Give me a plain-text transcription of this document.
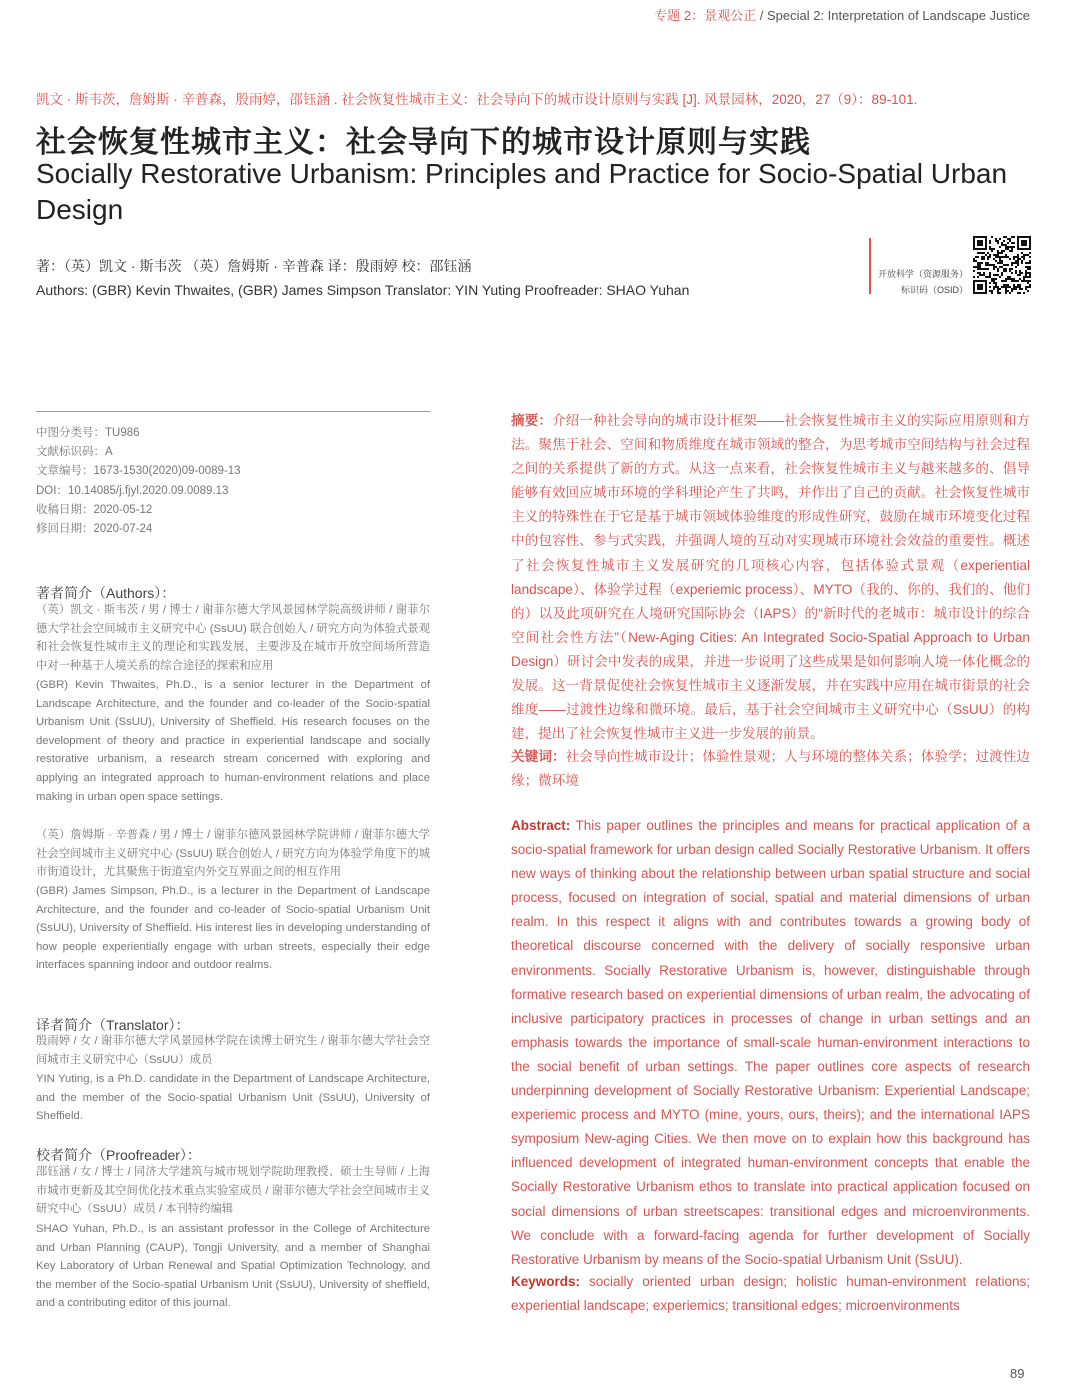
专题 2：景观公正 / Special 2: Interpretation of Landscape Justice
凯文 · 斯韦茨，詹姆斯 · 辛普森，殷雨婷，邵钰涵 . 社会恢复性城市主义：社会导向下的城市设计原则与实践 [J]. 风景园林，2020，27（9）：89-101.
社会恢复性城市主义：社会导向下的城市设计原则与实践
Socially Restorative Urbanism: Principles and Practice for Socio-Spatial Urban Design
著：（英）凯文 · 斯韦茨 （英）詹姆斯 · 辛普森 译：殷雨婷 校：邵钰涵
Authors: (GBR) Kevin Thwaites, (GBR) James Simpson Translator: YIN Yuting Proofreader: SHAO Yuhan
开放科学（资源服务）
标识码（OSID）
中图分类号：TU986
文献标识码：A
文章编号：1673-1530(2020)09-0089-13
DOI：10.14085/j.fjyl.2020.09.0089.13
收稿日期：2020-05-12
修回日期：2020-07-24
著者简介（Authors）：
（英）凯文 · 斯韦茨 / 男 / 博士 / 谢菲尔德大学风景园林学院高级讲师 / 谢菲尔德大学社会空间城市主义研究中心 (SsUU) 联合创始人 / 研究方向为体验式景观和社会恢复性城市主义的理论和实践发展，主要涉及在城市开放空间场所营造中对一种基于人境关系的综合途径的探索和应用
(GBR) Kevin Thwaites, Ph.D., is a senior lecturer in the Department of Landscape Architecture, and the founder and co-leader of the Socio-spatial Urbanism Unit (SsUU), University of Sheffield. His research focuses on the development of theory and practice in experiential landscape and socially restorative urbanism, a research stream concerned with exploring and applying an integrated approach to human-environment relations and place making in urban open space settings.
（英）詹姆斯 · 辛普森 / 男 / 博士 / 谢菲尔德风景园林学院讲师 / 谢菲尔德大学社会空间城市主义研究中心 (SsUU) 联合创始人 / 研究方向为体验学角度下的城市街道设计，尤其聚焦于街道室内外交互界面之间的相互作用
(GBR) James Simpson, Ph.D., is a lecturer in the Department of Landscape Architecture, and the founder and co-leader of Socio-spatial Urbanism Unit (SsUU), University of Sheffield. His interest lies in developing understanding of how people experientially engage with urban streets, especially their edge interfaces spanning indoor and outdoor realms.
译者简介（Translator）：
殷雨婷 / 女 / 谢菲尔德大学风景园林学院在读博士研究生 / 谢菲尔德大学社会空间城市主义研究中心（SsUU）成员
YIN Yuting, is a Ph.D. candidate in the Department of Landscape Architecture, and the member of the Socio-spatial Urbanism Unit (SsUU), University of Sheffield.
校者简介（Proofreader）：
邵钰涵 / 女 / 博士 / 同济大学建筑与城市规划学院助理教授、硕士生导师 / 上海市城市更新及其空间优化技术重点实验室成员 / 谢菲尔德大学社会空间城市主义研究中心（SsUU）成员 / 本刊特约编辑
SHAO Yuhan, Ph.D., is an assistant professor in the College of Architecture and Urban Planning (CAUP), Tongji University, and a member of Shanghai Key Laboratory of Urban Renewal and Spatial Optimization Technology, and the member of the Socio-spatial Urbanism Unit (SsUU), University of sheffield, and a contributing editor of this journal.
摘要：介绍一种社会导向的城市设计框架——社会恢复性城市主义的实际应用原则和方法。聚焦于社会、空间和物质维度在城市领域的整合，为思考城市空间结构与社会过程之间的关系提供了新的方式。从这一点来看，社会恢复性城市主义与越来越多的、倡导能够有效回应城市环境的学科理论产生了共鸣，并作出了自己的贡献。社会恢复性城市主义的特殊性在于它是基于城市领域体验维度的形成性研究，鼓励在城市环境变化过程中的包容性、参与式实践，并强调人境的互动对实现城市环境社会效益的重要性。概述了社会恢复性城市主义发展研究的几项核心内容，包括体验式景观（experiential landscape）、体验学过程（experiemic process）、MYTO（我的、你的、我们的、他们的）以及此项研究在人境研究国际协会（IAPS）的“新时代的老城市：城市设计的综合空间社会性方法”（New-Aging Cities: An Integrated Socio-Spatial Approach to Urban Design）研讨会中发表的成果，并进一步说明了这些成果是如何影响人境一体化概念的发展。这一背景促使社会恢复性城市主义逐渐发展，并在实践中应用在城市街景的社会维度——过渡性边缘和微环境。最后，基于社会空间城市主义研究中心（SsUU）的构建，提出了社会恢复性城市主义进一步发展的前景。
关键词：社会导向性城市设计；体验性景观；人与环境的整体关系；体验学；过渡性边缘；微环境
Abstract: This paper outlines the principles and means for practical application of a socio-spatial framework for urban design called Socially Restorative Urbanism. It offers new ways of thinking about the relationship between urban spatial structure and social process, focused on integration of social, spatial and material dimensions of urban realm. In this respect it aligns with and contributes towards a growing body of theoretical discourse concerned with the delivery of socially responsive urban environments. Socially Restorative Urbanism is, however, distinguishable through formative research based on experiential dimensions of urban realm, the advocating of inclusive participatory practices in processes of change in urban settings and an emphasis towards the importance of small-scale human-environment interactions to the social benefit of urban settings. The paper outlines core aspects of research underpinning development of Socially Restorative Urbanism: Experiential Landscape; experiemic process and MYTO (mine, yours, ours, theirs); and the international IAPS symposium New-aging Cities. We then move on to explain how this background has influenced development of integrated human-environment concepts that enable the Socially Restorative Urbanism ethos to translate into practical application focused on social dimensions of urban streetscapes: transitional edges and microenvironments. We conclude with a forward-facing agenda for further development of Socially Restorative Urbanism by means of the Socio-spatial Urbanism Unit (SsUU).
Keywords: socially oriented urban design; holistic human-environment relations; experiential landscape; experiemics; transitional edges; microenvironments
89
